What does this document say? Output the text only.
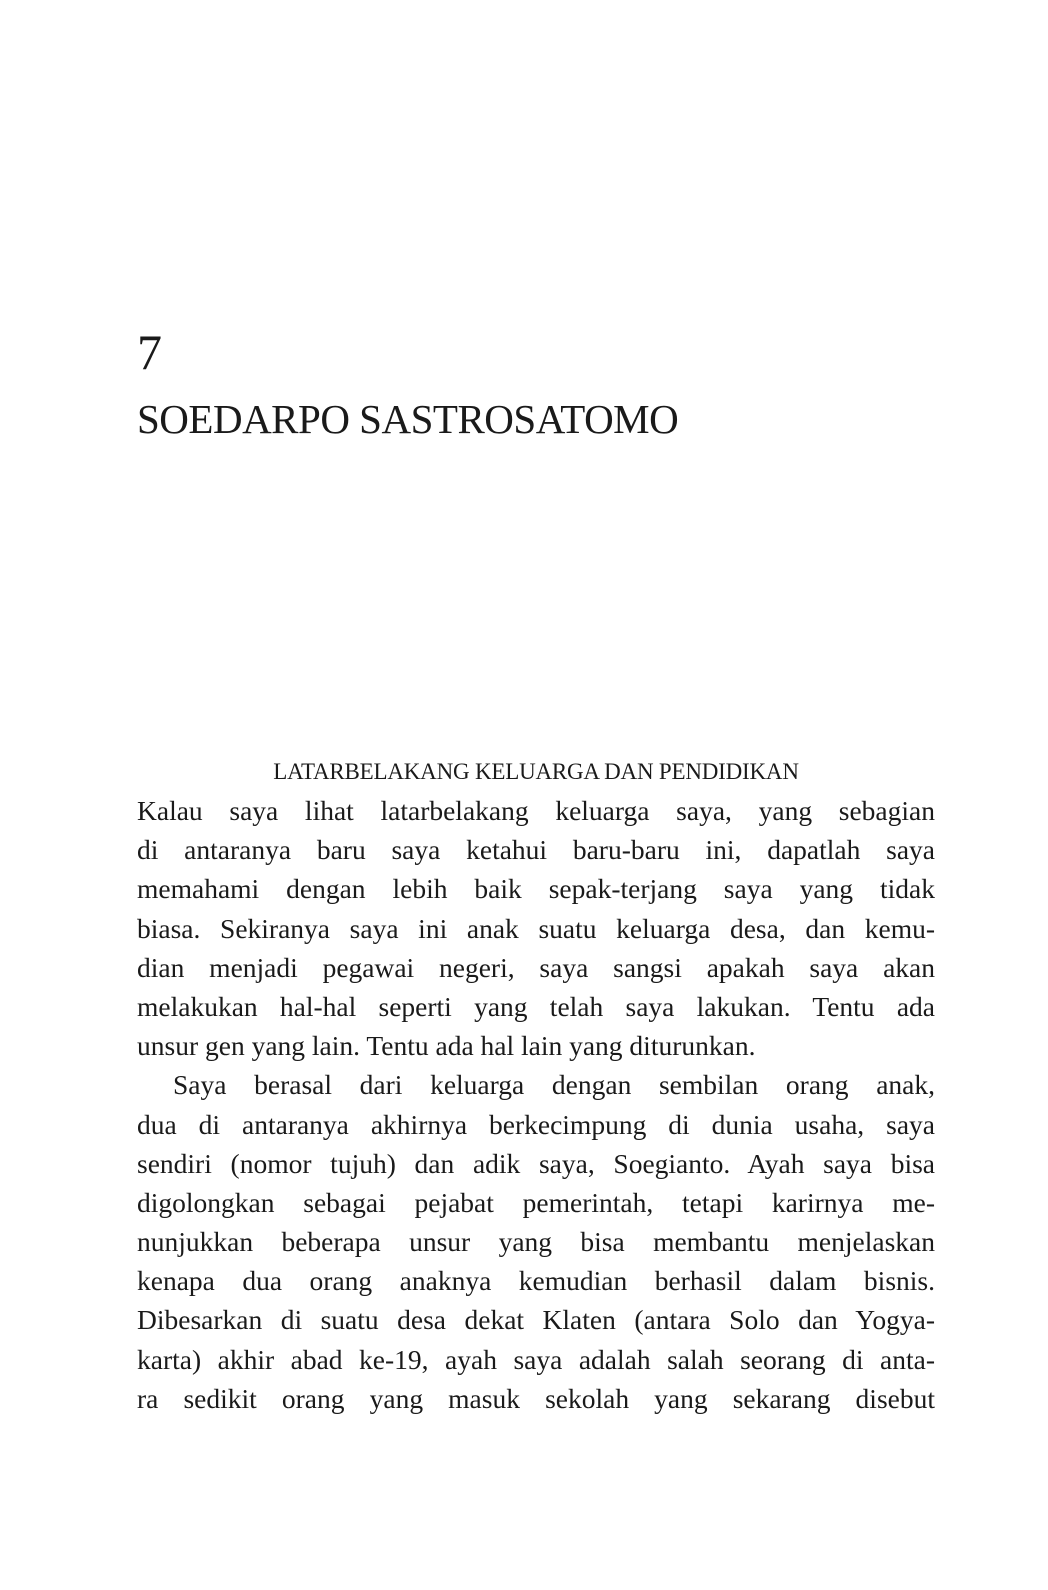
7
SOEDARPO SASTROSATOMO
LATARBELAKANG KELUARGA DAN PENDIDIKAN
Kalau saya lihat latarbelakang keluarga saya, yang sebagian
di antaranya baru saya ketahui baru-baru ini, dapatlah saya
memahami dengan lebih baik sepak-terjang saya yang tidak
biasa. Sekiranya saya ini anak suatu keluarga desa, dan kemu-
dian menjadi pegawai negeri, saya sangsi apakah saya akan
melakukan hal-hal seperti yang telah saya lakukan. Tentu ada
unsur gen yang lain. Tentu ada hal lain yang diturunkan.
Saya berasal dari keluarga dengan sembilan orang anak,
dua di antaranya akhirnya berkecimpung di dunia usaha, saya
sendiri (nomor tujuh) dan adik saya, Soegianto. Ayah saya bisa
digolongkan sebagai pejabat pemerintah, tetapi karirnya me-
nunjukkan beberapa unsur yang bisa membantu menjelaskan
kenapa dua orang anaknya kemudian berhasil dalam bisnis.
Dibesarkan di suatu desa dekat Klaten (antara Solo dan Yogya-
karta) akhir abad ke-19, ayah saya adalah salah seorang di anta-
ra sedikit orang yang masuk sekolah yang sekarang disebut
